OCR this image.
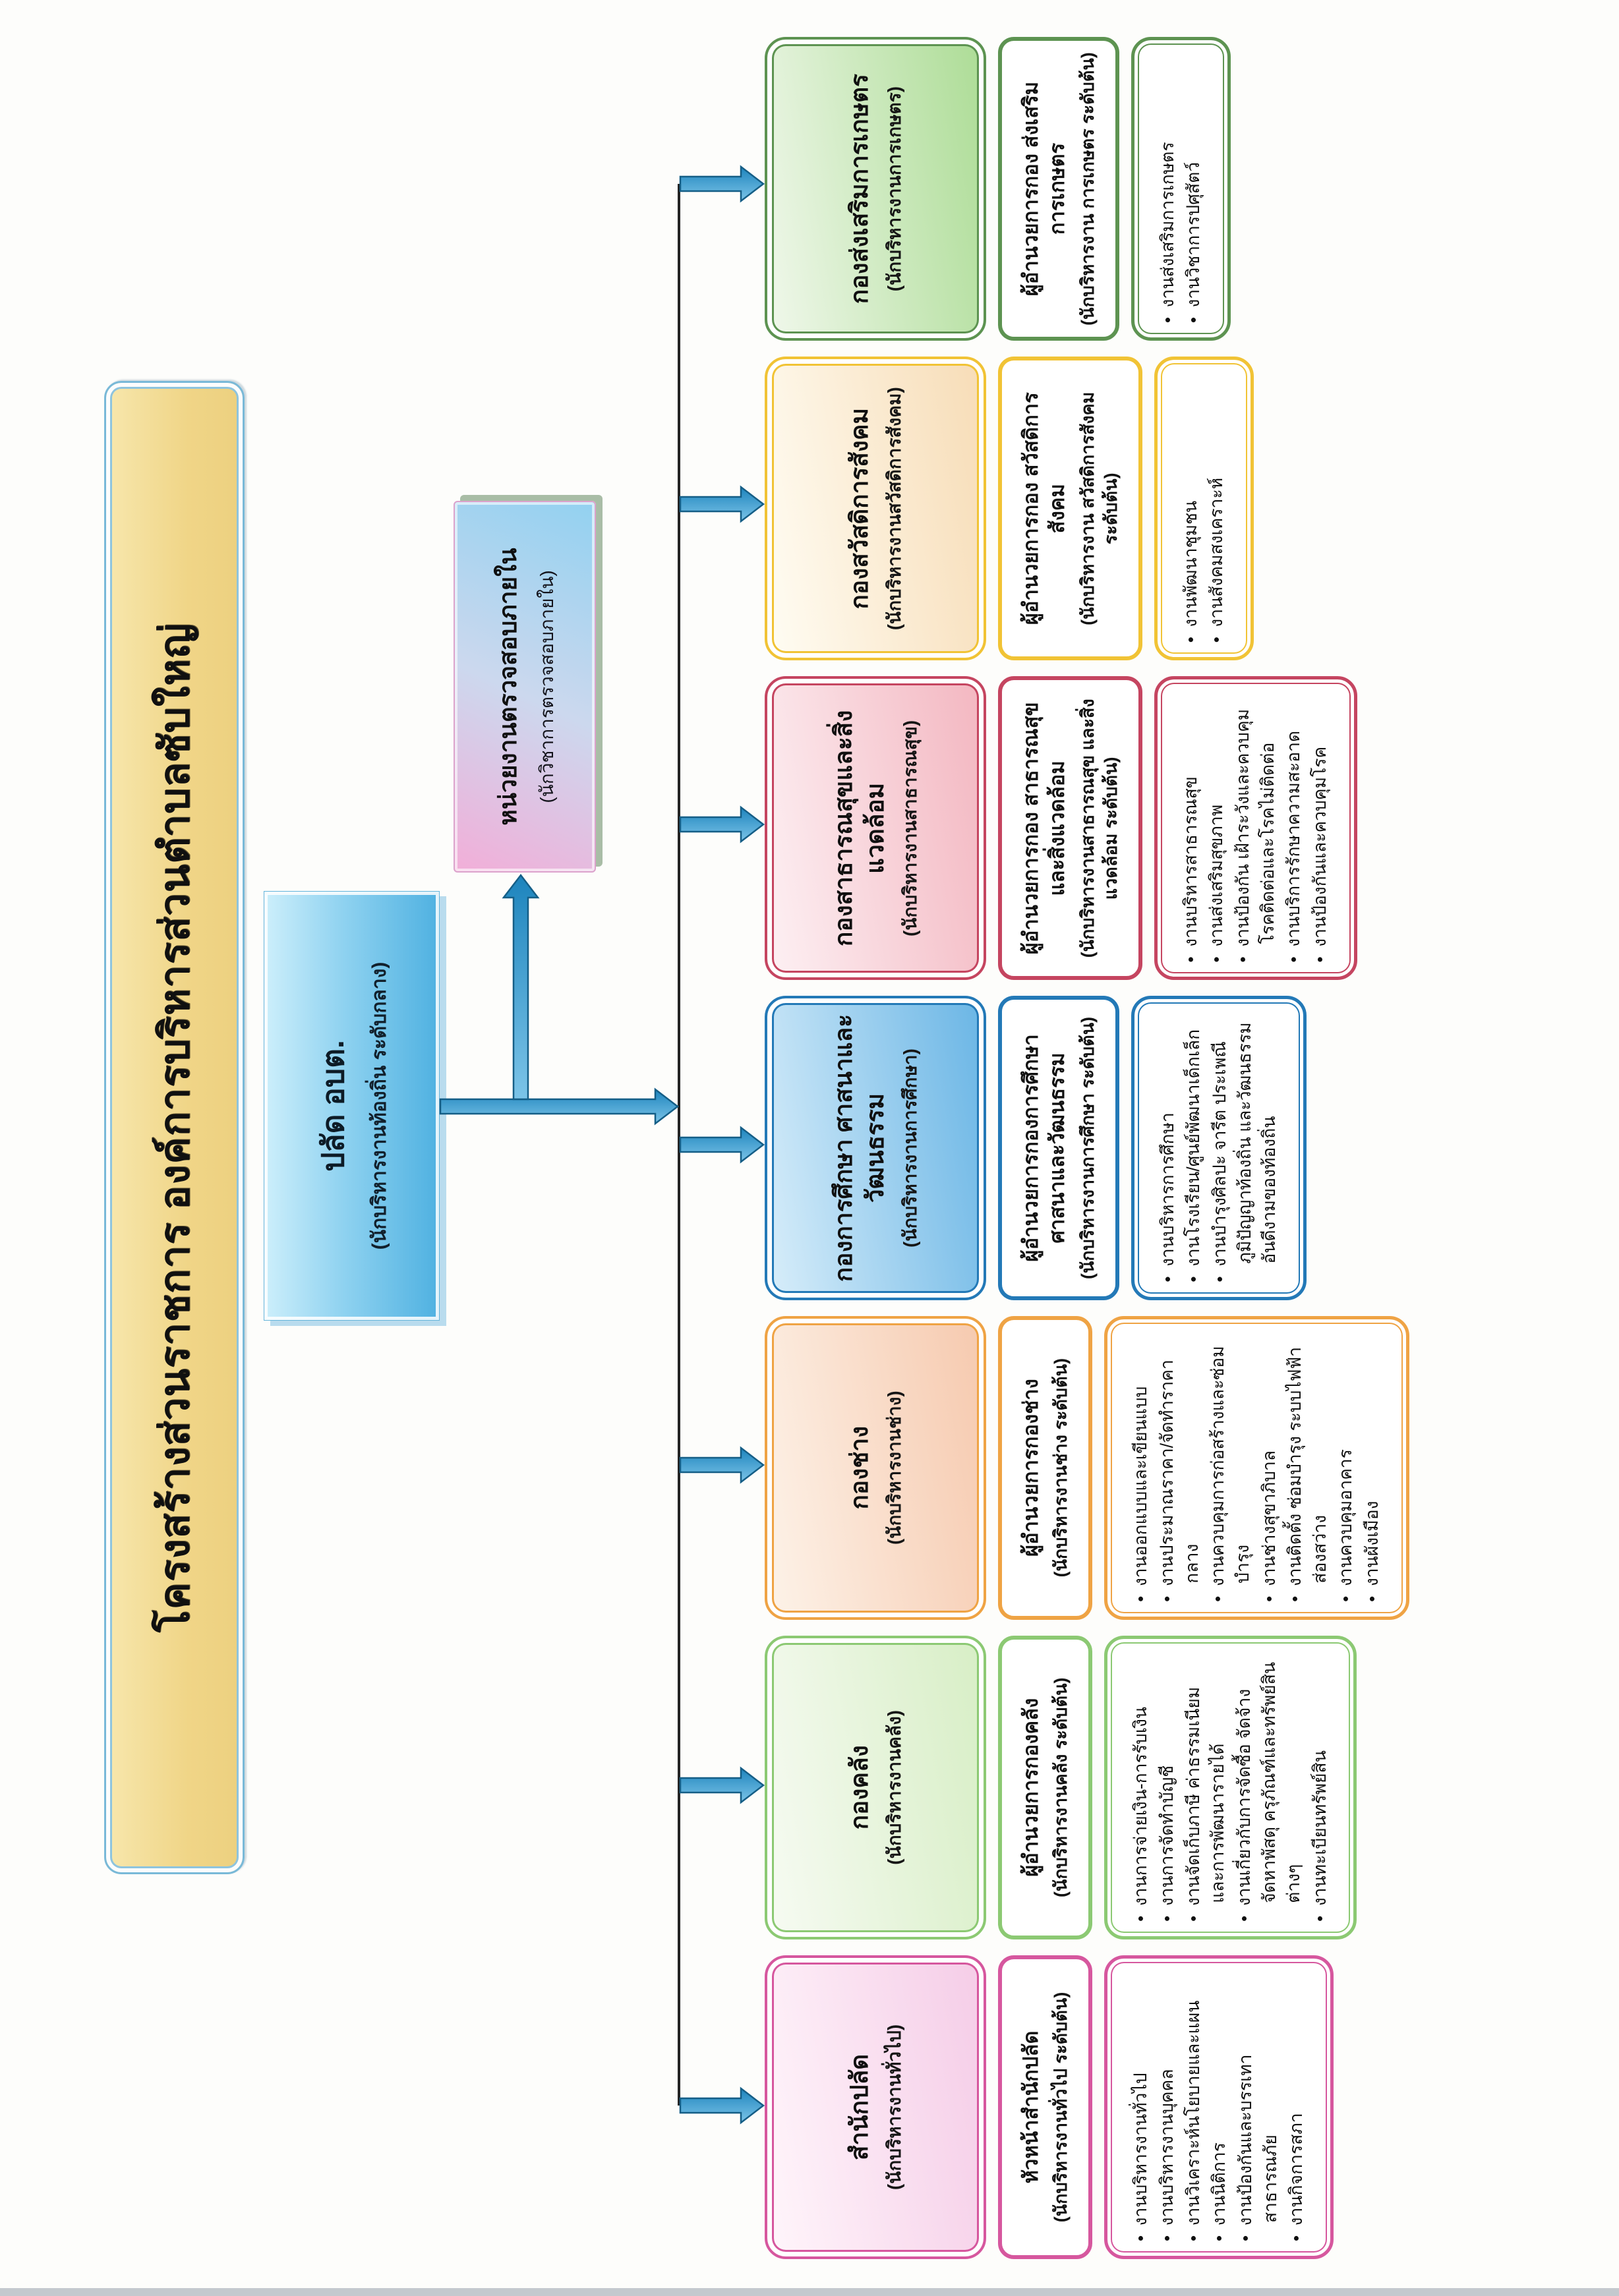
โครงสร้างส่วนราชการ องค์การบริหารส่วนตำบลซับใหญ่	ปลัด อบต. (นักบริหารงานท้องถิ่น ระดับกลาง)
หน่วยงานตรวจสอบภายใน (นักวิชาการตรวจสอบภายใน)
สำนักปลัด (นักบริหารงานทั่วไป)	หัวหน้าสำนักปลัด (นักบริหารงานทั่วไป ระดับต้น)	•  งานบริหารงานทั่วไป •  งานบริหารงานบุคคล •  งานวิเคราะห์นโยบายและแผน •  งานนิติการ •  งานป้องกันและบรรเทาสาธารณภัย •  งานกิจการสภา
กองคลัง (นักบริหารงานคลัง)	ผู้อำนวยการกองคลัง (นักบริหารงานคลัง ระดับต้น)	•  งานการจ่ายเงิน-การรับเงิน •  งานการจัดทำบัญชี •  งานจัดเก็บภาษี ค่าธรรมเนียม และการพัฒนารายได้ •  งานเกี่ยวกับการจัดซื้อ จัดจ้าง จัดหาพัสดุ ครุภัณฑ์และทรัพย์สินต่างๆ •  งานทะเบียนทรัพย์สิน
กองช่าง (นักบริหารงานช่าง)	ผู้อำนวยการกองช่าง (นักบริหารงานช่าง ระดับต้น)	•  งานออกแบบและเขียนแบบ •  งานประมาณราคา/จัดทำราคากลาง •  งานควบคุมการก่อสร้างและซ่อมบำรุง •  งานช่างสุขาภิบาล •  งานติดตั้ง ซ่อมบำรุง ระบบไฟฟ้าส่องสว่าง •  งานควบคุมอาคาร •  งานผังเมือง
กองการศึกษา ศาสนาและวัฒนธรรม (นักบริหารงานการศึกษา)	ผู้อำนวยการกองการศึกษา ศาสนาและวัฒนธรรม (นักบริหารงานการศึกษา ระดับต้น)	•  งานบริหารการศึกษา •  งานโรงเรียน/ศูนย์พัฒนาเด็กเล็ก •  งานบำรุงศิลปะ จารีต ประเพณี ภูมิปัญญาท้องถิ่น และวัฒนธรรมอันดีงามของท้องถิ่น
กองสาธารณสุขและสิ่งแวดล้อม (นักบริหารงานสาธารณสุข)	ผู้อำนวยการกอง สาธารณสุขและสิ่งแวดล้อม (นักบริหารงานสาธารณสุข และสิ่งแวดล้อม ระดับต้น)	•  งานบริหารสาธารณสุข •  งานส่งเสริมสุขภาพ •  งานป้องกัน เฝ้าระวังและควบคุมโรคติดต่อและโรคไม่ติดต่อ •  งานบริการรักษาความสะอาด •  งานป้องกันและควบคุมโรค
กองสวัสดิการสังคม (นักบริหารงานสวัสดิการสังคม)	ผู้อำนวยการกอง สวัสดิการสังคม (นักบริหารงาน สวัสดิการสังคม ระดับต้น)	•  งานพัฒนาชุมชน •  งานสังคมสงเคราะห์
กองส่งเสริมการเกษตร (นักบริหารงานการเกษตร)	ผู้อำนวยการกอง ส่งเสริมการเกษตร (นักบริหารงาน การเกษตร ระดับต้น)	•  งานส่งเสริมการเกษตร •  งานวิชาการปศุสัตว์
